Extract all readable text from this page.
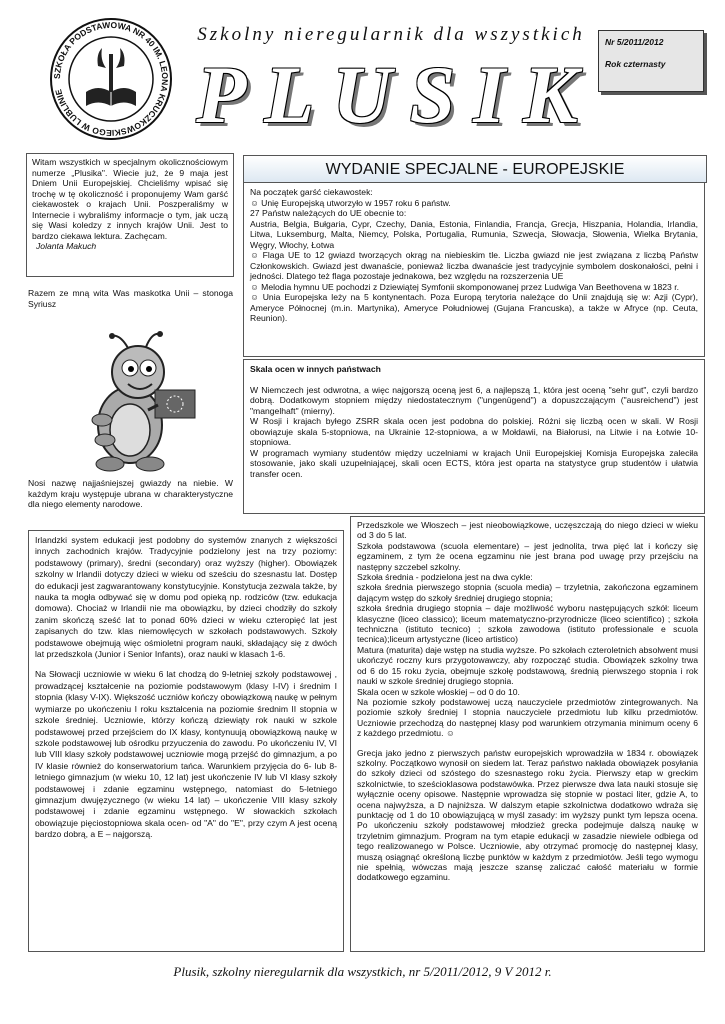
SZKOŁA PODSTAWOWA NR 40 IM. LEONA KRUCZKOWSKIEGO W LUBLINIE
Szkolny nieregularnik dla wszystkich
PLUSIK
Nr 5/2011/2012
Rok czternasty

Witam wszystkich w specjalnym okolicznościowym numerze „Plusika". Wiecie już, że 9 maja jest Dniem Unii Europejskiej. Chcieliśmy wpisać się trochę w tę okoliczność i proponujemy Wam garść ciekawostek o krajach Unii. Poszperaliśmy w Internecie i wybraliśmy informacje o tym, jak uczą się Wasi koledzy z innych krajów Unii. Jest to bardzo ciekawa lektura. Zachęcam.

Jolanta Makuch

Razem ze mną wita Was maskotka Unii – stonoga Syriusz
Nosi nazwę najjaśniejszej gwiazdy na niebie. W każdym kraju występuje ubrana w charakterystyczne dla niego elementy narodowe.
WYDANIE SPECJALNE - EUROPEJSKIE

Na początek garść ciekawostek:

☺ Unię Europejską utworzyło w 1957 roku 6 państw.

27 Państw należących do UE obecnie to:

Austria, Belgia, Bułgaria, Cypr, Czechy, Dania, Estonia, Finlandia, Francja, Grecja, Hiszpania, Holandia, Irlandia, Litwa, Luksemburg, Malta, Niemcy, Polska, Portugalia, Rumunia, Szwecja, Słowacja, Słowenia, Wielka Brytania, Węgry, Włochy, Łotwa

☺ Flaga UE to 12 gwiazd tworzących okrąg na niebieskim tle. Liczba gwiazd nie jest związana z liczbą Państw Członkowskich. Gwiazd jest dwanaście, ponieważ liczba dwanaście jest tradycyjnie symbolem doskonałości, pełni i jedności. Dlatego też flaga pozostaje jednakowa, bez względu na rozszerzenia UE

☺ Melodia hymnu UE pochodzi z Dziewiątej Symfonii skomponowanej przez Ludwiga Van Beethovena w 1823 r.

☺ Unia Europejska leży na 5 kontynentach. Poza Europą terytoria należące do Unii znajdują się w: Azji (Cypr), Ameryce Północnej (m.in. Martynika), Ameryce Południowej (Gujana Francuska), a także w Afryce (np. Ceuta, Reunion).

Skala ocen w innych państwach

W Niemczech jest odwrotna, a więc najgorszą oceną jest 6, a najlepszą 1, która jest oceną "sehr gut", czyli bardzo dobrą. Dodatkowym stopniem między niedostatecznym ("ungenügend") a dopuszczającym ("ausreichend") jest "mangelhaft" (mierny).

W Rosji i krajach byłego ZSRR skala ocen jest podobna do polskiej. Różni się liczbą ocen w skali. W Rosji obowiązuje skala 5-stopniowa, na Ukrainie 12-stopniowa, a w Mołdawii, na Białorusi, na Litwie i na Łotwie 10-stopniowa.

W programach wymiany studentów między uczelniami w krajach Unii Europejskiej Komisja Europejska zaleciła stosowanie, jako skali uzupełniającej, skali ocen ECTS, która jest oparta na statystyce grup studentów i ułatwia transfer ocen.

Irlandzki system edukacji jest podobny do systemów znanych z większości innych zachodnich krajów. Tradycyjnie podzielony jest na trzy poziomy: podstawowy (primary), średni (secondary) oraz wyższy (higher). Obowiązek szkolny w Irlandii dotyczy dzieci w wieku od sześciu do szesnastu lat. Dostęp do edukacji jest zagwarantowany konstytucyjnie. Konstytucja zezwala także, by nauka ta mogła odbywać się w domu pod opieką np. rodziców (tzw. edukacja domowa). Chociaż w Irlandii nie ma obowiązku, by dzieci chodziły do szkoły zanim skończą sześć lat to ponad 60% dzieci w wieku czteropięć lat jest zapisanych do tzw. klas niemowlęcych w szkołach podstawowych. Szkoły podstawowe obejmują więc ośmioletni program nauki, składający się z dwóch lat przedszkola (Junior i Senior Infants), oraz nauki w klasach 1-6.

Na Słowacji uczniowie w wieku 6 lat chodzą do 9-letniej szkoły podstawowej , prowadzącej kształcenie na poziomie podstawowym (klasy I-IV) i średnim I stopnia (klasy V-IX). Większość uczniów kończy obowiązkową naukę w pełnym wymiarze po ukończeniu I roku kształcenia na poziomie średnim II stopnia w szkole średniej. Uczniowie, którzy kończą dziewiąty rok nauki w szkole podstawowej przed przejściem do IX klasy, kontynuują obowiązkową naukę w szkole podstawowej lub ośrodku przyuczenia do zawodu. Po ukończeniu IV, VI lub VIII klasy szkoły podstawowej uczniowie mogą przejść do gimnazjum, a po IV klasie również do konserwatorium tańca. Warunkiem przyjęcia do 6- lub 8-letniego gimnazjum (w wieku 10, 12 lat) jest ukończenie IV lub VI klasy szkoły podstawowej i zdanie egzaminu wstępnego, natomiast do 5-letniego gimnazjum dwujęzycznego (w wieku 14 lat) – ukończenie VIII klasy szkoły podstawowej i zdanie egzaminu wstępnego. W słowackich szkołach obowiązuje pięciostopniowa skala ocen- od "A" do "E", przy czym A jest oceną bardzo dobrą, a E – najgorszą.

Przedszkole we Włoszech – jest nieobowiązkowe, uczęszczają do niego dzieci w wieku od 3 do 5 lat.

Szkoła podstawowa (scuola elementare) – jest jednolita, trwa pięć lat i kończy się egzaminem, z tym że ocena egzaminu nie jest brana pod uwagę przy przejściu na następny szczebel szkolny.

Szkoła średnia - podzielona jest na dwa cykle:

szkoła średnia pierwszego stopnia (scuola media) – trzyletnia, zakończona egzaminem dającym wstęp do szkoły średniej drugiego stopnia;

szkoła średnia drugiego stopnia – daje możliwość wyboru następujących szkół: liceum klasyczne (liceo classico); liceum matematyczno-przyrodnicze (liceo scientifico) ; szkoła techniczna (istituto tecnico) ; szkoła zawodowa (istituto professionale e scuola tecnica);liceum artystyczne (liceo artistico)

Matura (maturita) daje wstęp na studia wyższe. Po szkołach czteroletnich absolwent musi ukończyć roczny kurs przygotowawczy, aby rozpocząć studia. Obowiązek szkolny trwa od 6 do 15 roku życia, obejmuje szkołę podstawową, średnią pierwszego stopnia i rok nauki w szkole średniej drugiego stopnia.

Skala ocen w szkole włoskiej – od 0 do 10.

Na poziomie szkoły podstawowej uczą nauczyciele przedmiotów zintegrowanych. Na poziomie szkoły średniej I stopnia nauczyciele przedmiotu lub kilku przedmiotów. Uczniowie przechodzą do następnej klasy pod warunkiem otrzymania minimum oceny 6 z każdego przedmiotu. ☺

Grecja jako jedno z pierwszych państw europejskich wprowadziła w 1834 r. obowiązek szkolny. Początkowo wynosił on siedem lat. Teraz państwo nakłada obowiązek posyłania do szkoły dzieci od szóstego do szesnastego roku życia. Pierwszy etap w greckim szkolnictwie, to sześcioklasowa podstawówka. Przez pierwsze dwa lata nauki stosuje się wyłącznie oceny opisowe. Następnie wprowadza się stopnie w postaci liter, gdzie A, to ocena najwyższa, a D najniższa. W dalszym etapie szkolnictwa dodatkowo wdraża się punktację od 1 do 10 obowiązującą w myśl zasady: im wyższy punkt tym lepsza ocena. Po ukończeniu szkoły podstawowej młodzież grecka podejmuje dalszą naukę w trzyletnim gimnazjum. Program na tym etapie edukacji w zasadzie niewiele odbiega od tego realizowanego w Polsce. Uczniowie, aby otrzymać promocję do następnej klasy, muszą osiągnąć określoną liczbę punktów w każdym z przedmiotów. Jeśli tego wymogu nie spełnią, wówczas mają jeszcze szansę zaliczać całość materiału w formie dodatkowego egzaminu.

Plusik, szkolny nieregularnik dla wszystkich, nr 5/2011/2012, 9 V 2012 r.
